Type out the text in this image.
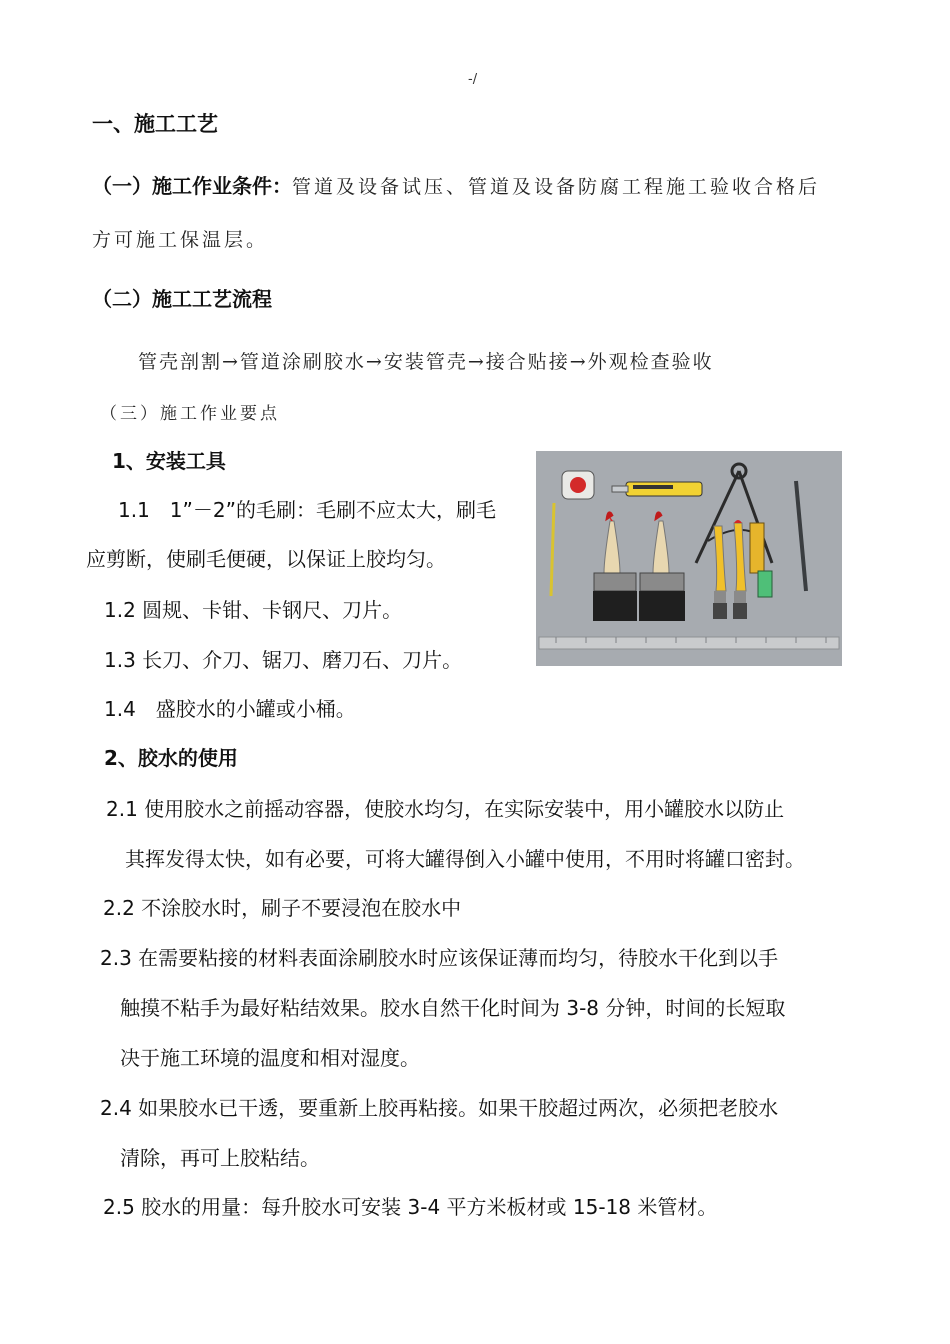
-/
一、施工工艺
（一）施工作业条件：管道及设备试压、管道及设备防腐工程施工验收合格后
方可施工保温层。
（二）施工工艺流程
管壳剖割→管道涂刷胶水→安装管壳→接合贴接→外观检查验收
（三）施工作业要点
1、安装工具
1.1　1”－2”的毛刷：毛刷不应太大，刷毛
应剪断，使刷毛便硬，以保证上胶均匀。
1.2 圆规、卡钳、卡钢尺、刀片。
1.3 长刀、介刀、锯刀、磨刀石、刀片。
1.4　盛胶水的小罐或小桶。
2、胶水的使用
2.1 使用胶水之前摇动容器，使胶水均匀，在实际安装中，用小罐胶水以防止
其挥发得太快，如有必要，可将大罐得倒入小罐中使用，不用时将罐口密封。
2.2 不涂胶水时，刷子不要浸泡在胶水中
2.3 在需要粘接的材料表面涂刷胶水时应该保证薄而均匀，待胶水干化到以手
触摸不粘手为最好粘结效果。胶水自然干化时间为 3-8 分钟，时间的长短取
决于施工环境的温度和相对湿度。
2.4 如果胶水已干透，要重新上胶再粘接。如果干胶超过两次，必须把老胶水
清除，再可上胶粘结。
2.5 胶水的用量：每升胶水可安装 3-4 平方米板材或 15-18 米管材。
